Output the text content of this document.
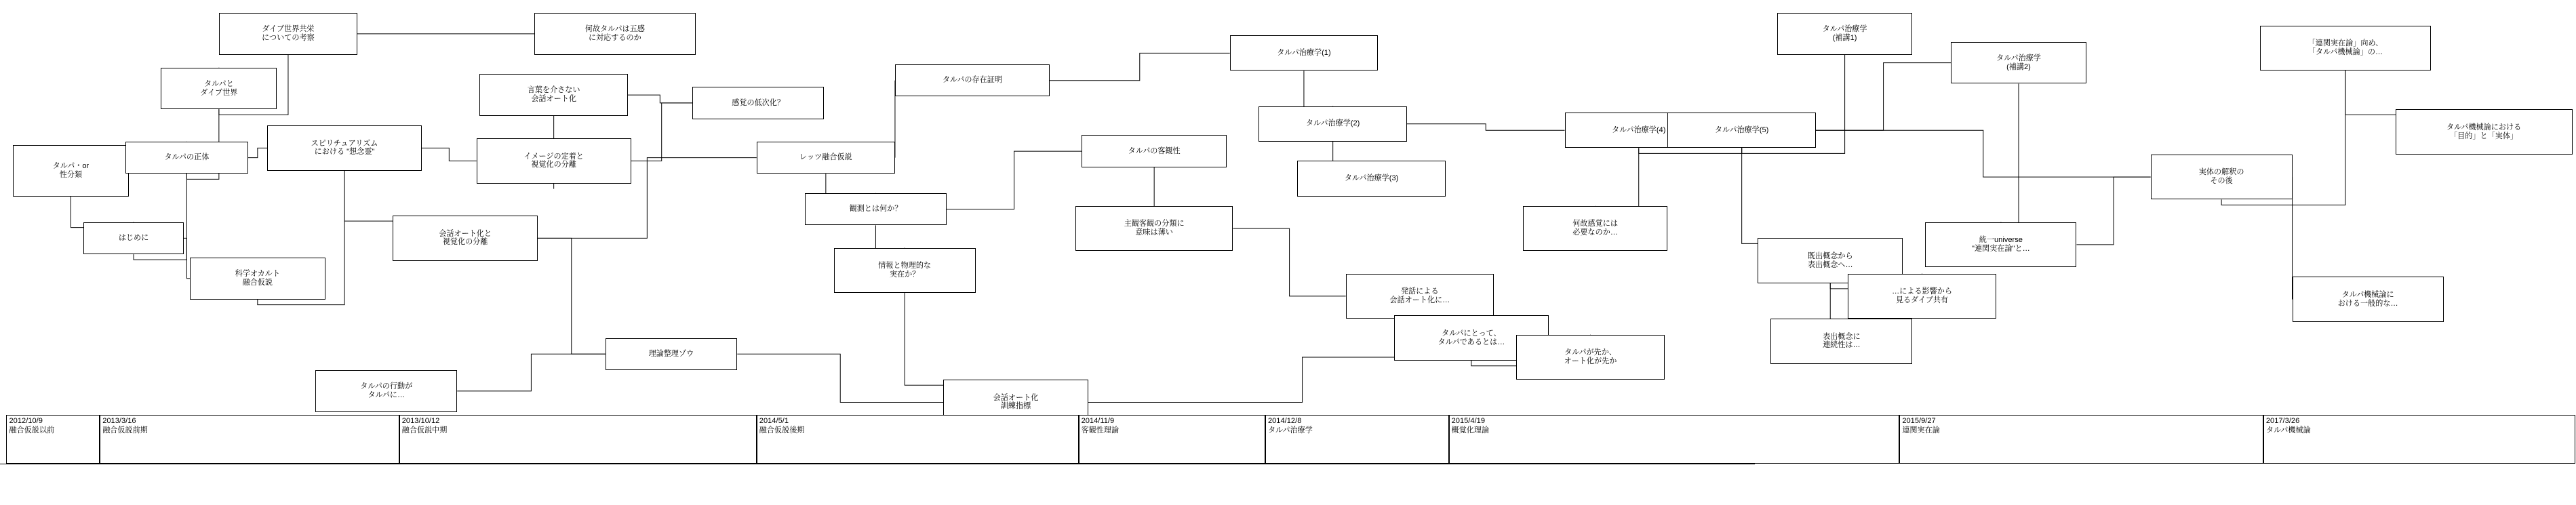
タルパ・or
性分類
はじめに
タルパの正体
タルパと
ダイブ世界
ダイブ世界共栄
についての考察
科学オカルト
融合仮説
スピリチュアリズム
における "想念霊"
何故タルパは五感
に対応するのか
言葉を介さない
会話オート化
イメージの定着と
視覚化の分離
感覚の低次化？
会話オート化と
視覚化の分離
理論整理ゾウ
タルパの行動が
タルパに…
レッツ融合仮説
観測とは何か？
情報と物理的な
実在か？
タルパの存在証明
タルパの客観性
主観客観の分類に
意味は薄い
タルパ治療学(1)
タルパ治療学(2)
タルパ治療学(3)
タルパ治療学(4)	タルパ治療学(5)
タルパ治療学
(補講1)
タルパ治療学
(補講2)
何故感覚には
必要なのか…
発話による
会話オート化に…
タルパにとって、
タルパであるとは…
タルパが先か、
オート化が先か
会話オート化
訓練指標
統一universe
"連関実在論"と…
既出概念から
表出概念へ…
…による影響から
見るダイブ共有
表出概念に
連続性は…
実体の解釈の
その後
「連関実在論」向め、
「タルパ機械論」の…
タルパ機械論における
「目的」と「実体」
タルパ機械論に
おける一般的な…
2012/10/9
融合仮説以前
2013/3/16
融合仮説前期
2013/10/12
融合仮説中期
2014/5/1
融合仮説後期
2014/11/9
客観性理論
2014/12/8
タルパ治療学
2015/4/19
概覚化理論
2015/9/27
連関実在論
2017/3/26
タルパ機械論
